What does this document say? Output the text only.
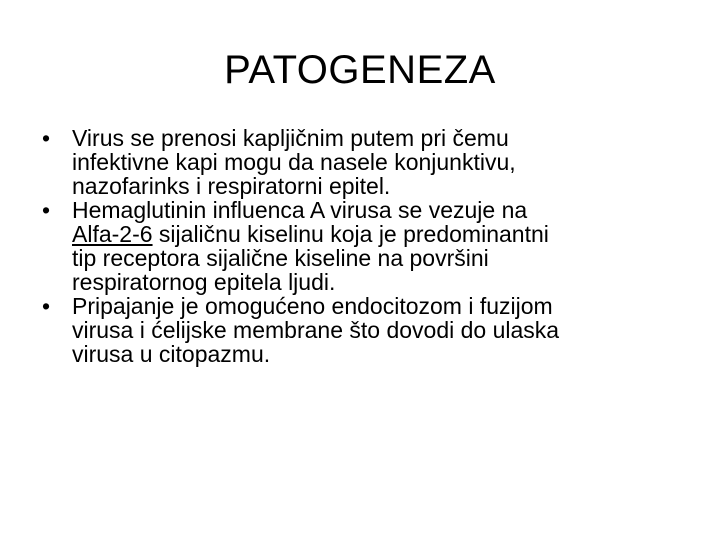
PATOGENEZA
• Virus se prenosi kapljičnim putem pri čemu
infektivne kapi mogu da nasele konjunktivu,
nazofarinks i respiratorni epitel.
• Hemaglutinin influenca A virusa se vezuje na
Alfa-2-6 sijaličnu kiselinu koja je predominantni
tip receptora sijalične kiseline na površini
respiratornog epitela ljudi.
• Pripajanje je omogućeno endocitozom i fuzijom
virusa i ćelijske membrane što dovodi do ulaska
virusa u citopazmu.
